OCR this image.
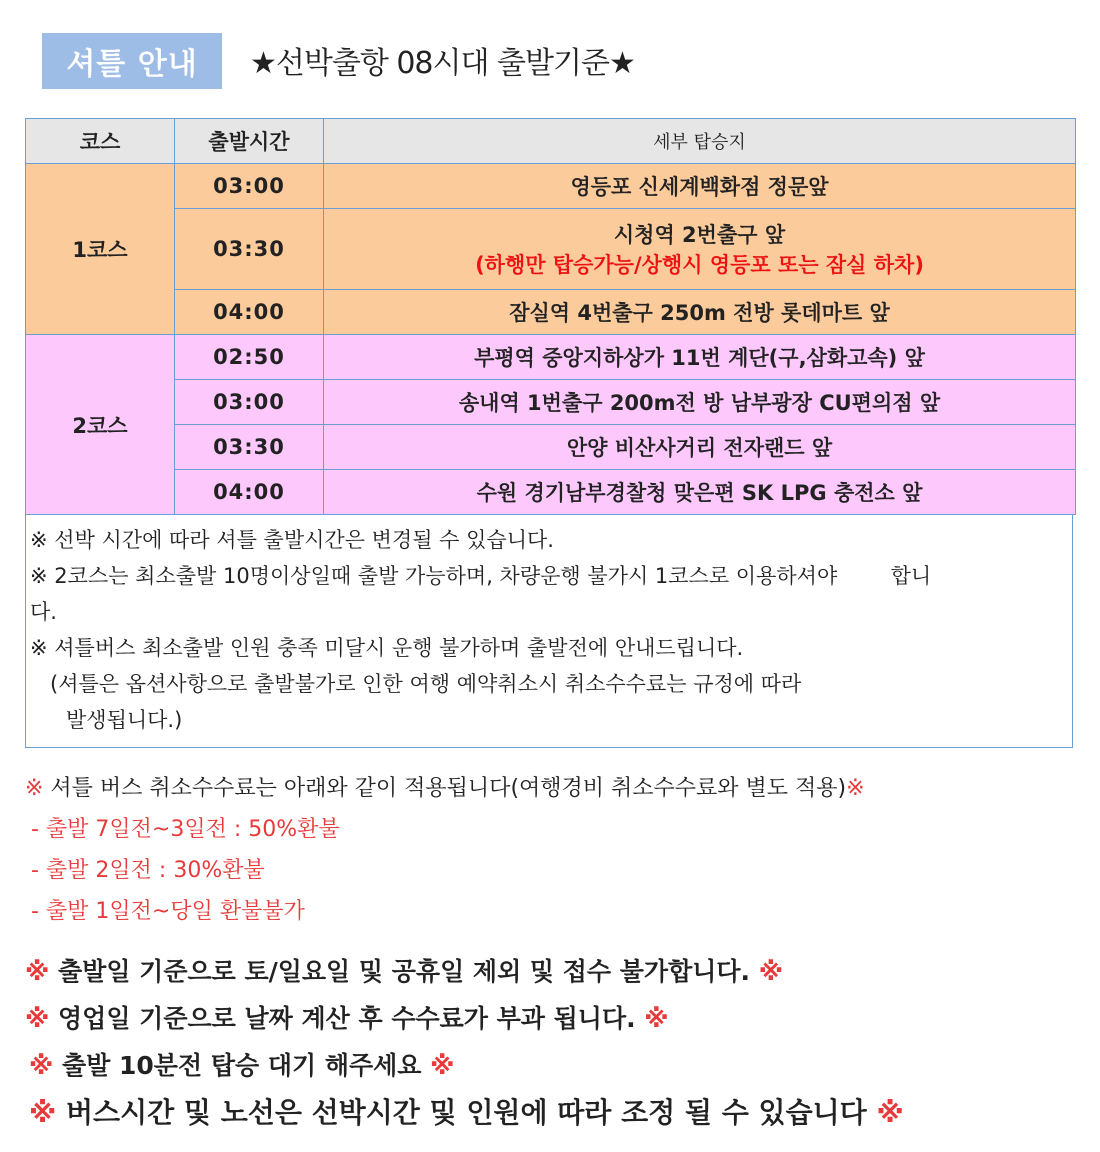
셔틀 안내	★선박출항 08시대 출발기준★
코스	출발시간	세부 탑승지
1코스	03:00	영등포 신세계백화점 정문앞
	03:30	시청역 2번출구 앞
(하행만 탑승가능/상행시 영등포 또는 잠실 하차)

	04:00	잠실역 4번출구 250m 전방 롯데마트 앞
2코스	02:50	부평역 중앙지하상가 11번 계단(구,삼화고속) 앞
	03:00	송내역 1번출구 200m전 방 남부광장 CU편의점 앞
	03:30	안양 비산사거리 전자랜드 앞
	04:00	수원 경기남부경찰청 맞은편 SK LPG 충전소 앞
※ 선박 시간에 따라 셔틀 출발시간은 변경될 수 있습니다.
※ 2코스는 최소출발 10명이상일때 출발 가능하며, 차량운행 불가시 1코스로 이용하셔야        합니
다.
※ 셔틀버스 최소출발 인원 충족 미달시 운행 불가하며 출발전에 안내드립니다.
(셔틀은 옵션사항으로 출발불가로 인한 여행 예약취소시 취소수수료는 규정에 따라
발생됩니다.)
※ 셔틀 버스 취소수수료는 아래와 같이 적용됩니다(여행경비 취소수수료와 별도 적용)※
- 출발 7일전~3일전 : 50%환불
- 출발 2일전 : 30%환불
- 출발 1일전~당일 환불불가
※ 출발일 기준으로 토/일요일 및 공휴일 제외 및 접수 불가합니다. ※
※ 영업일 기준으로 날짜 계산 후 수수료가 부과 됩니다. ※
※ 출발 10분전 탑승 대기 해주세요 ※
※ 버스시간 및 노선은 선박시간 및 인원에 따라 조정 될 수 있습니다 ※
